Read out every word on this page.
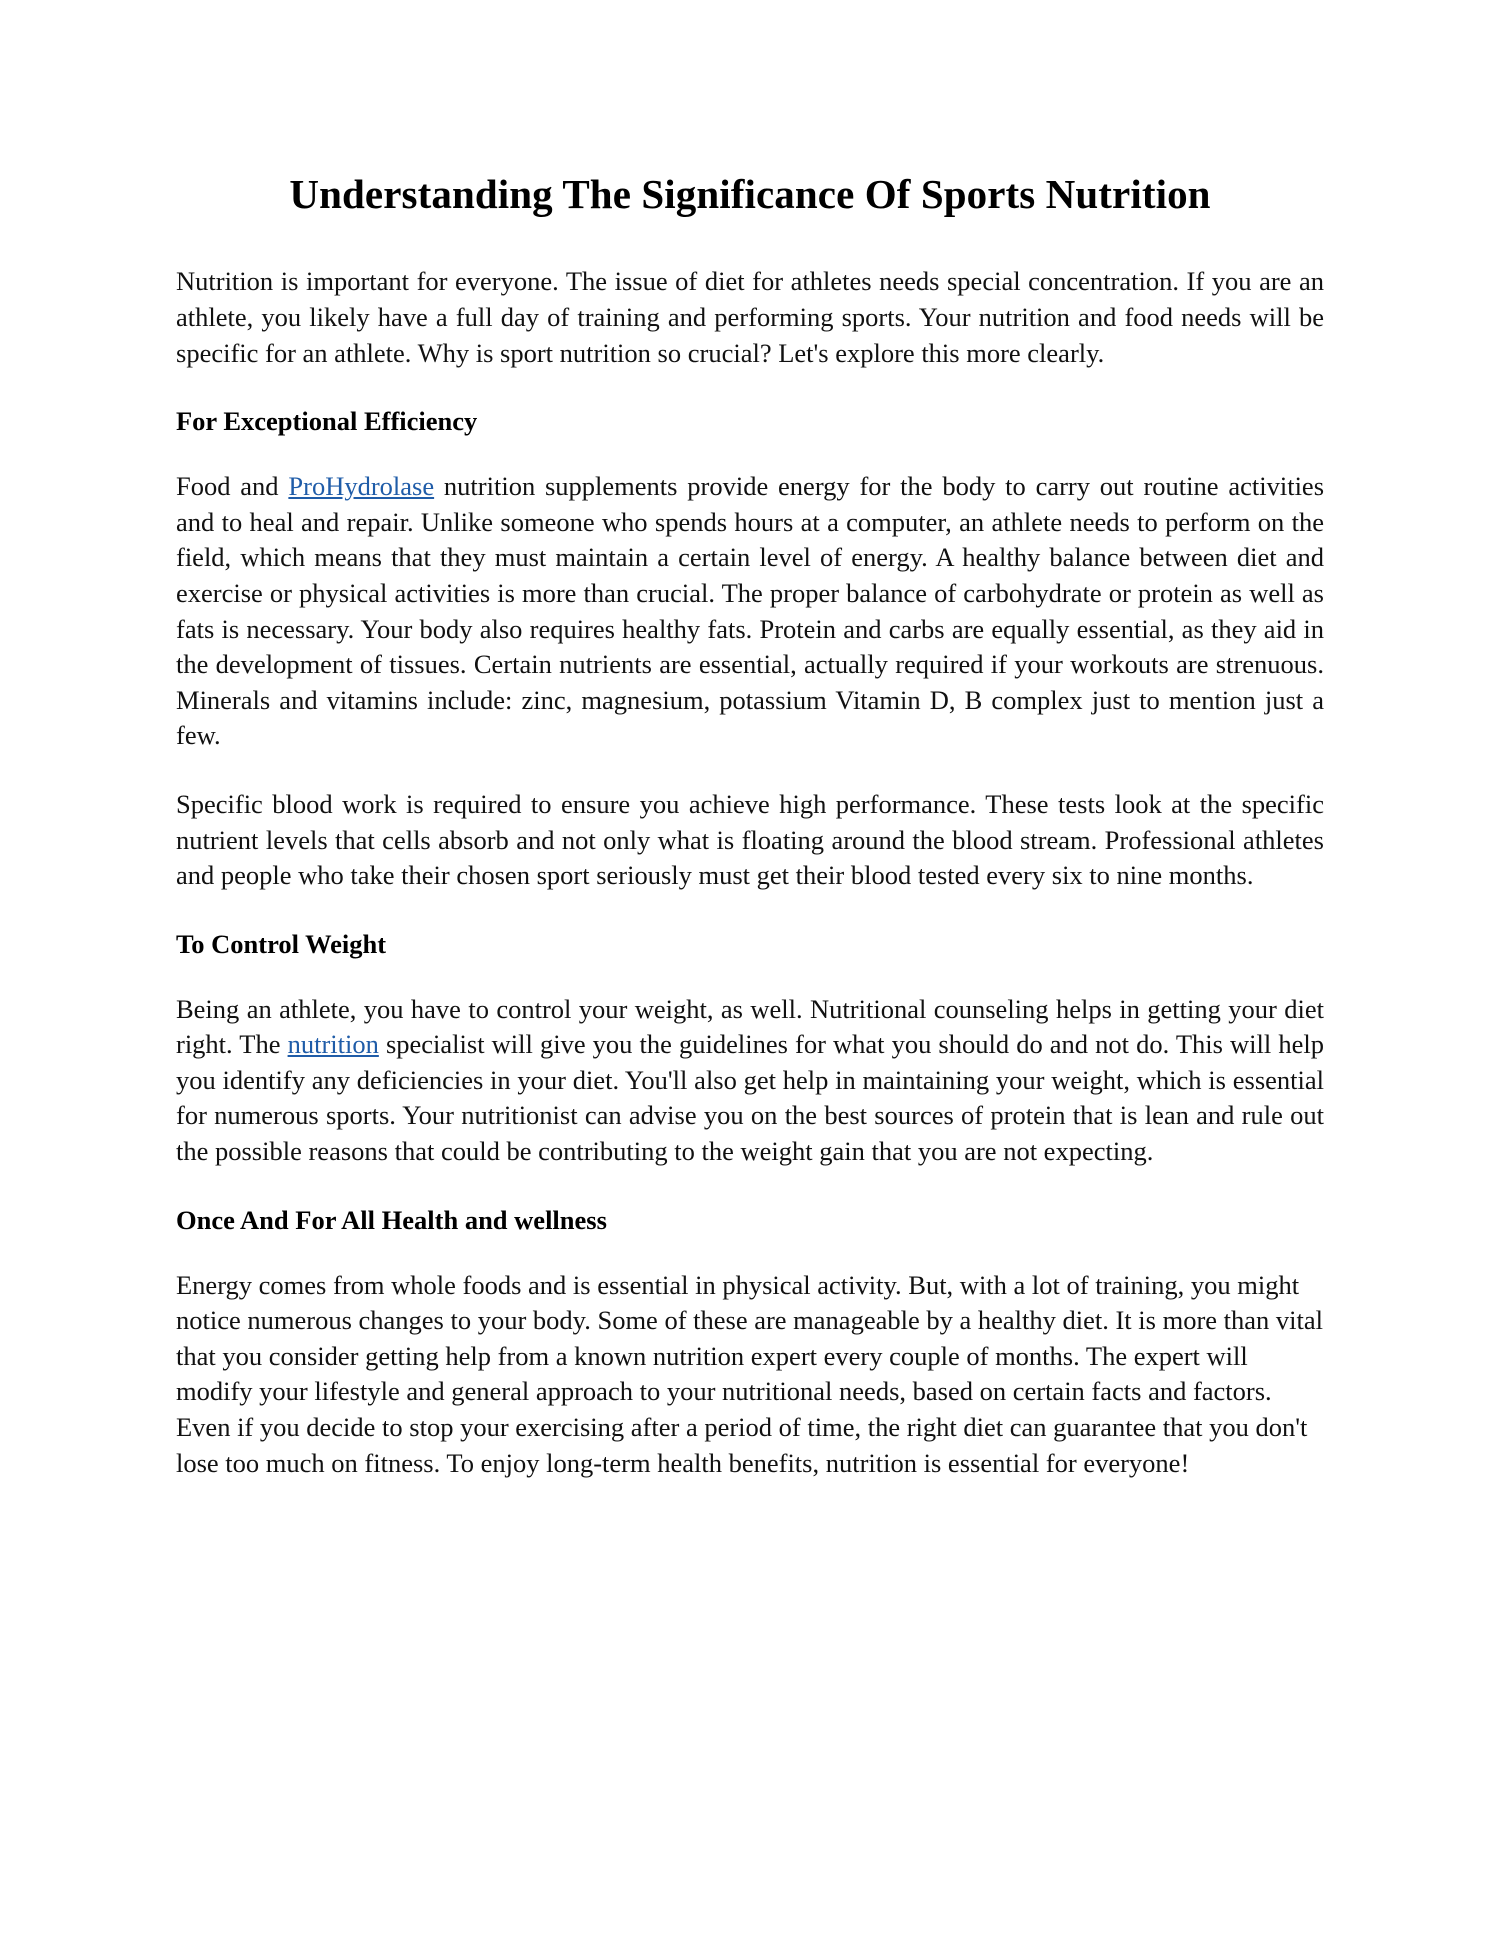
Understanding The Significance Of Sports Nutrition

Nutrition is important for everyone. The issue of diet for athletes needs special concentration. If you are an athlete, you likely have a full day of training and performing sports. Your nutrition and food needs will be specific for an athlete. Why is sport nutrition so crucial? Let's explore this more clearly.

For Exceptional Efficiency

Food and ProHydrolase nutrition supplements provide energy for the body to carry out routine activities and to heal and repair. Unlike someone who spends hours at a computer, an athlete needs to perform on the field, which means that they must maintain a certain level of energy. A healthy balance between diet and exercise or physical activities is more than crucial. The proper balance of carbohydrate or protein as well as fats is necessary. Your body also requires healthy fats. Protein and carbs are equally essential, as they aid in the development of tissues. Certain nutrients are essential, actually required if your workouts are strenuous. Minerals and vitamins include: zinc, magnesium, potassium Vitamin D, B complex just to mention just a few.

Specific blood work is required to ensure you achieve high performance. These tests look at the specific nutrient levels that cells absorb and not only what is floating around the blood stream. Professional athletes and people who take their chosen sport seriously must get their blood tested every six to nine months.

To Control Weight

Being an athlete, you have to control your weight, as well. Nutritional counseling helps in getting your diet right. The nutrition specialist will give you the guidelines for what you should do and not do. This will help you identify any deficiencies in your diet. You'll also get help in maintaining your weight, which is essential for numerous sports. Your nutritionist can advise you on the best sources of protein that is lean and rule out the possible reasons that could be contributing to the weight gain that you are not expecting.

Once And For All Health and wellness

Energy comes from whole foods and is essential in physical activity. But, with a lot of training, you might notice numerous changes to your body. Some of these are manageable by a healthy diet. It is more than vital that you consider getting help from a known nutrition expert every couple of months. The expert will modify your lifestyle and general approach to your nutritional needs, based on certain facts and factors. Even if you decide to stop your exercising after a period of time, the right diet can guarantee that you don't lose too much on fitness. To enjoy long-term health benefits, nutrition is essential for everyone!
